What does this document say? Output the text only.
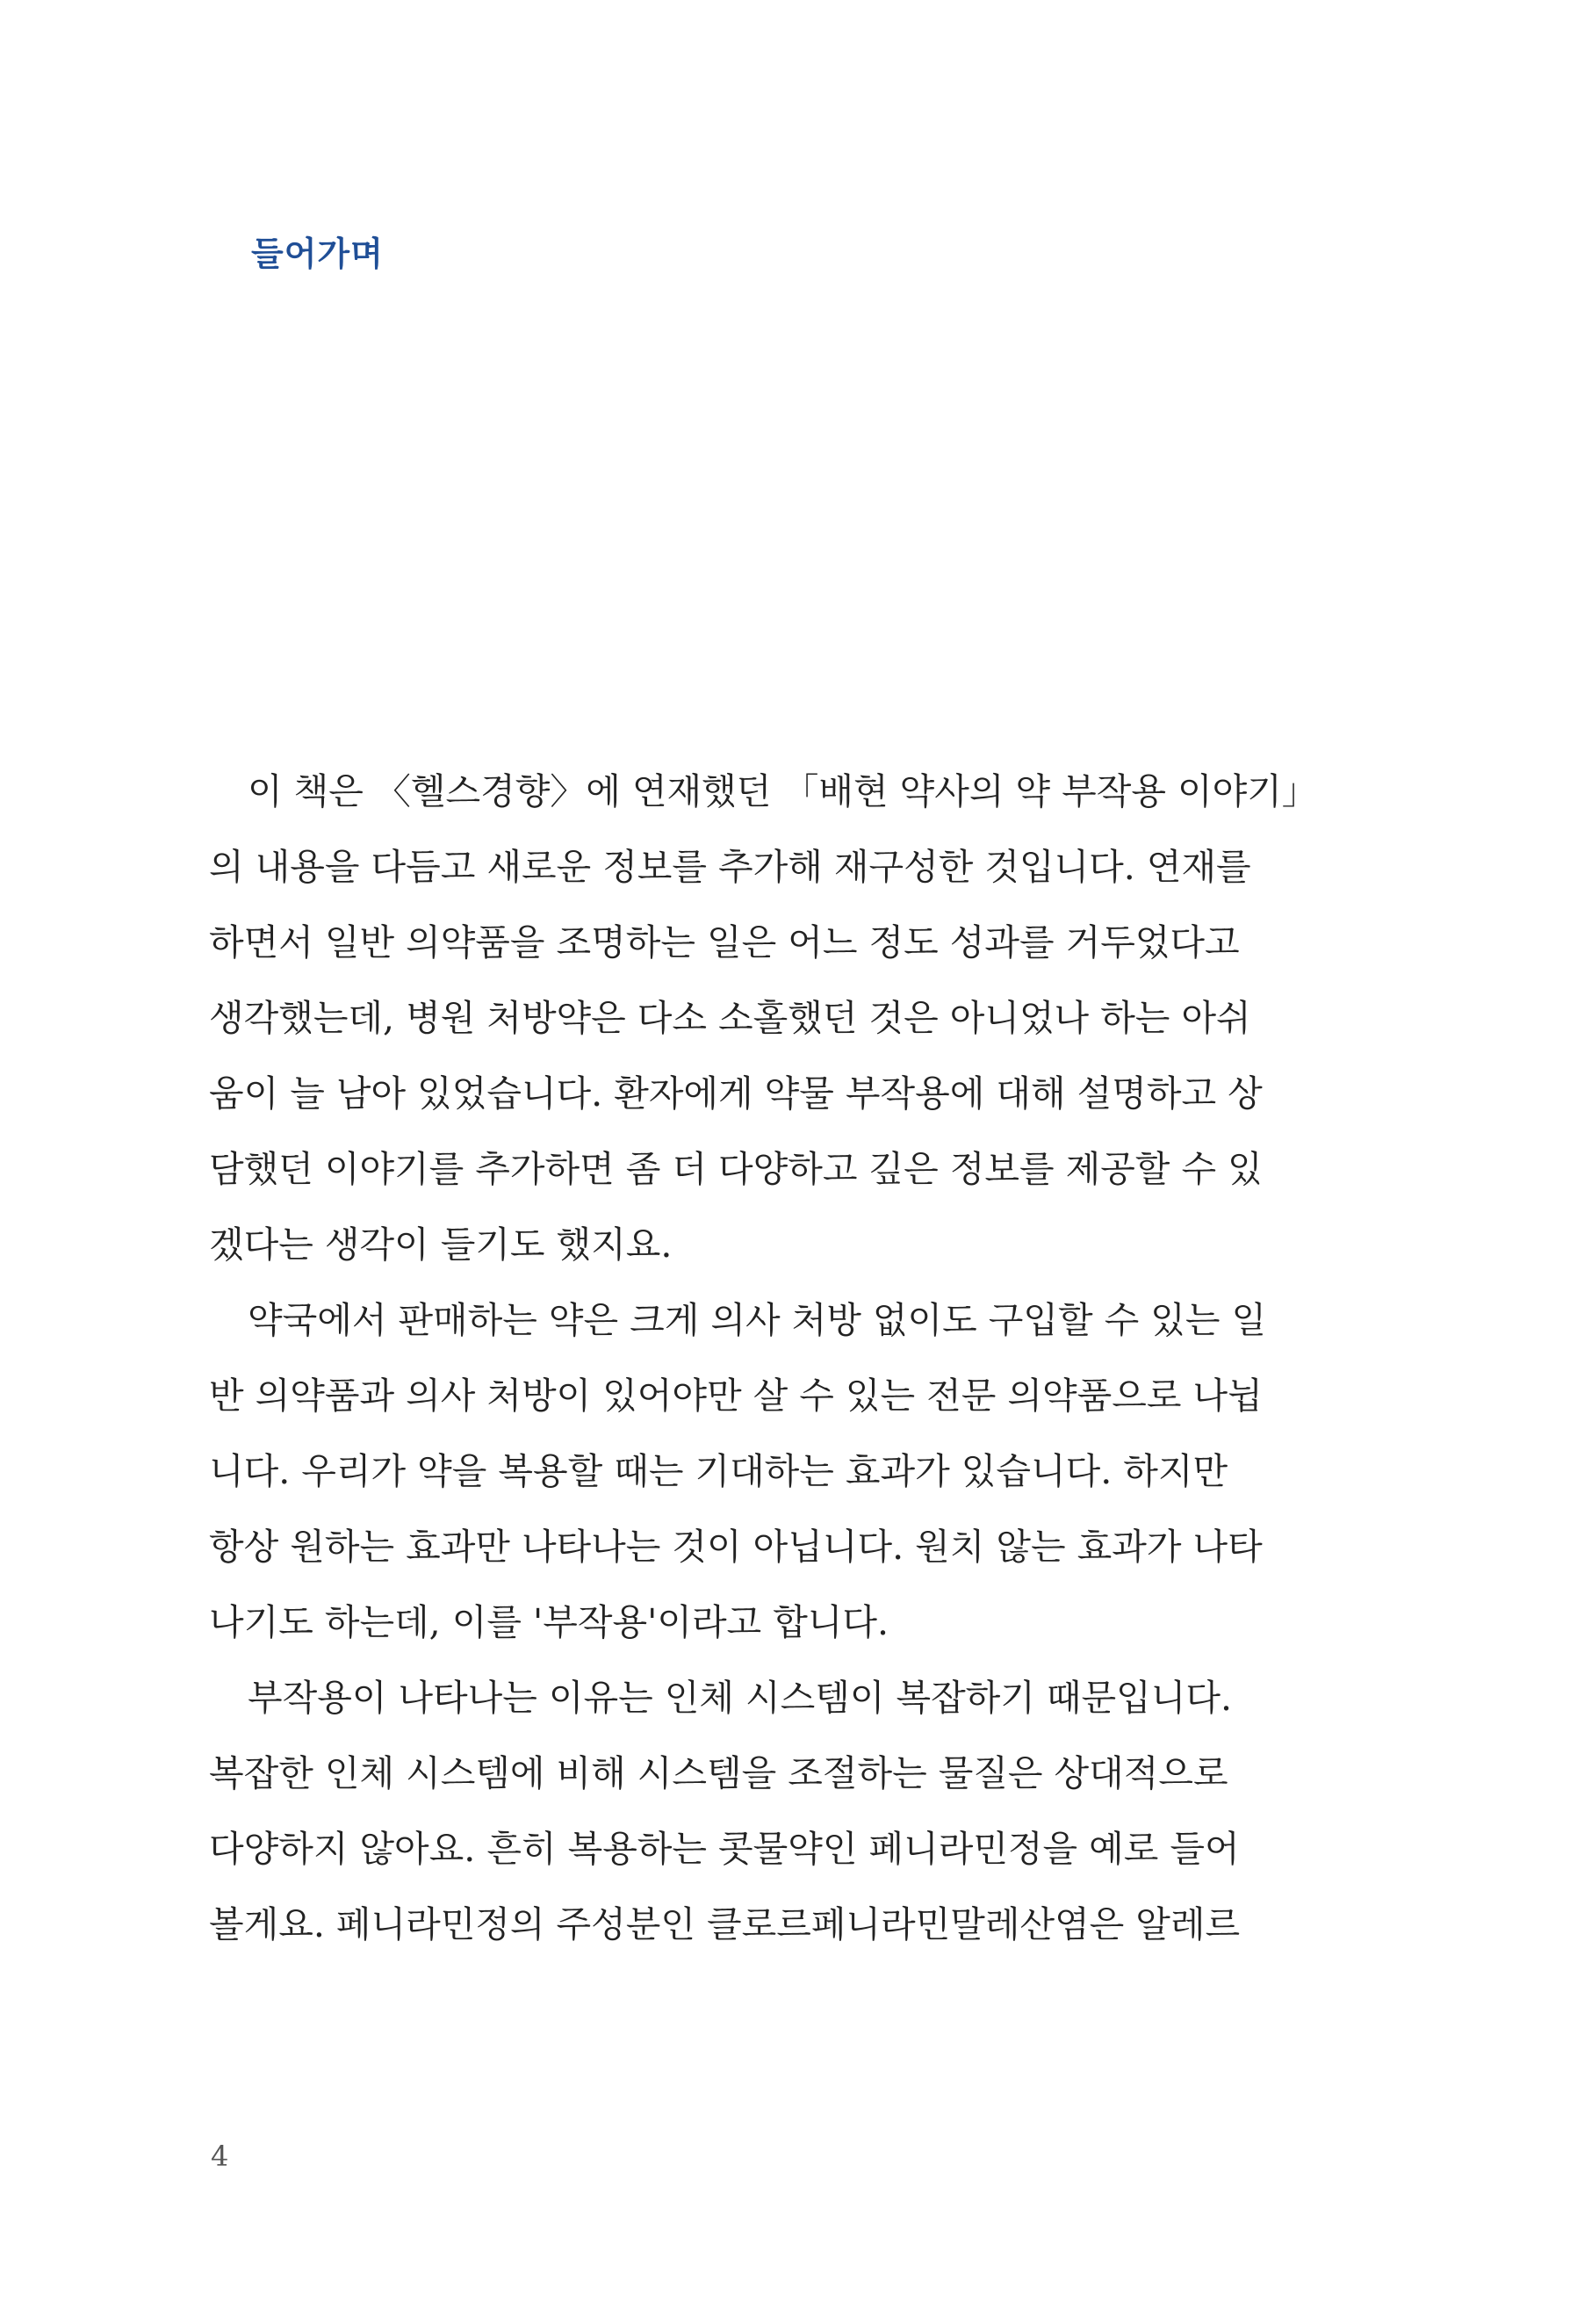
들어가며
이 책은 〈헬스경향〉에 연재했던 「배현 약사의 약 부작용 이야기」
의 내용을 다듬고 새로운 정보를 추가해 재구성한 것입니다. 연재를
하면서 일반 의약품을 조명하는 일은 어느 정도 성과를 거두었다고
생각했는데, 병원 처방약은 다소 소홀했던 것은 아니었나 하는 아쉬
움이 늘 남아 있었습니다. 환자에게 약물 부작용에 대해 설명하고 상
담했던 이야기를 추가하면 좀 더 다양하고 깊은 정보를 제공할 수 있
겠다는 생각이 들기도 했지요.
약국에서 판매하는 약은 크게 의사 처방 없이도 구입할 수 있는 일
반 의약품과 의사 처방이 있어야만 살 수 있는 전문 의약품으로 나뉩
니다. 우리가 약을 복용할 때는 기대하는 효과가 있습니다. 하지만
항상 원하는 효과만 나타나는 것이 아닙니다. 원치 않는 효과가 나타
나기도 하는데, 이를 '부작용'이라고 합니다.
부작용이 나타나는 이유는 인체 시스템이 복잡하기 때문입니다.
복잡한 인체 시스템에 비해 시스템을 조절하는 물질은 상대적으로
다양하지 않아요. 흔히 복용하는 콧물약인 페니라민정을 예로 들어
볼게요. 페니라민정의 주성분인 클로르페니라민말레산염은 알레르
4
